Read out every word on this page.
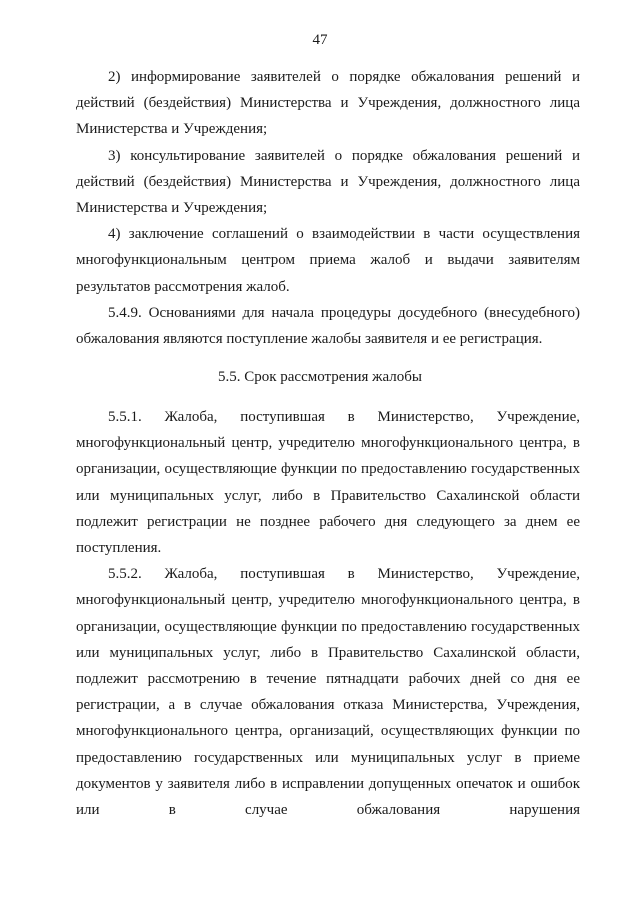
47

2) информирование заявителей о порядке обжалования решений и действий (бездействия) Министерства и Учреждения, должностного лица Министерства и Учреждения;

3) консультирование заявителей о порядке обжалования решений и действий (бездействия) Министерства и Учреждения, должностного лица Министерства и Учреждения;

4) заключение соглашений о взаимодействии в части осуществления многофункциональным центром приема жалоб и выдачи заявителям результатов рассмотрения жалоб.

5.4.9. Основаниями для начала процедуры досудебного (внесудебного) обжалования являются поступление жалобы заявителя и ее регистрация.

5.5. Срок рассмотрения жалобы

5.5.1. Жалоба, поступившая в Министерство, Учреждение, многофункциональный центр, учредителю многофункционального центра, в организации, осуществляющие функции по предоставлению государственных или муниципальных услуг, либо в Правительство Сахалинской области подлежит регистрации не позднее рабочего дня следующего за днем ее поступления.

5.5.2. Жалоба, поступившая в Министерство, Учреждение, многофункциональный центр, учредителю многофункционального центра, в организации, осуществляющие функции по предоставлению государственных или муниципальных услуг, либо в Правительство Сахалинской области, подлежит рассмотрению в течение пятнадцати рабочих дней со дня ее регистрации, а в случае обжалования отказа Министерства, Учреждения, многофункционального центра, организаций, осуществляющих функции по предоставлению государственных или муниципальных услуг в приеме документов у заявителя либо в исправлении допущенных опечаток и ошибок или в случае обжалования нарушения
